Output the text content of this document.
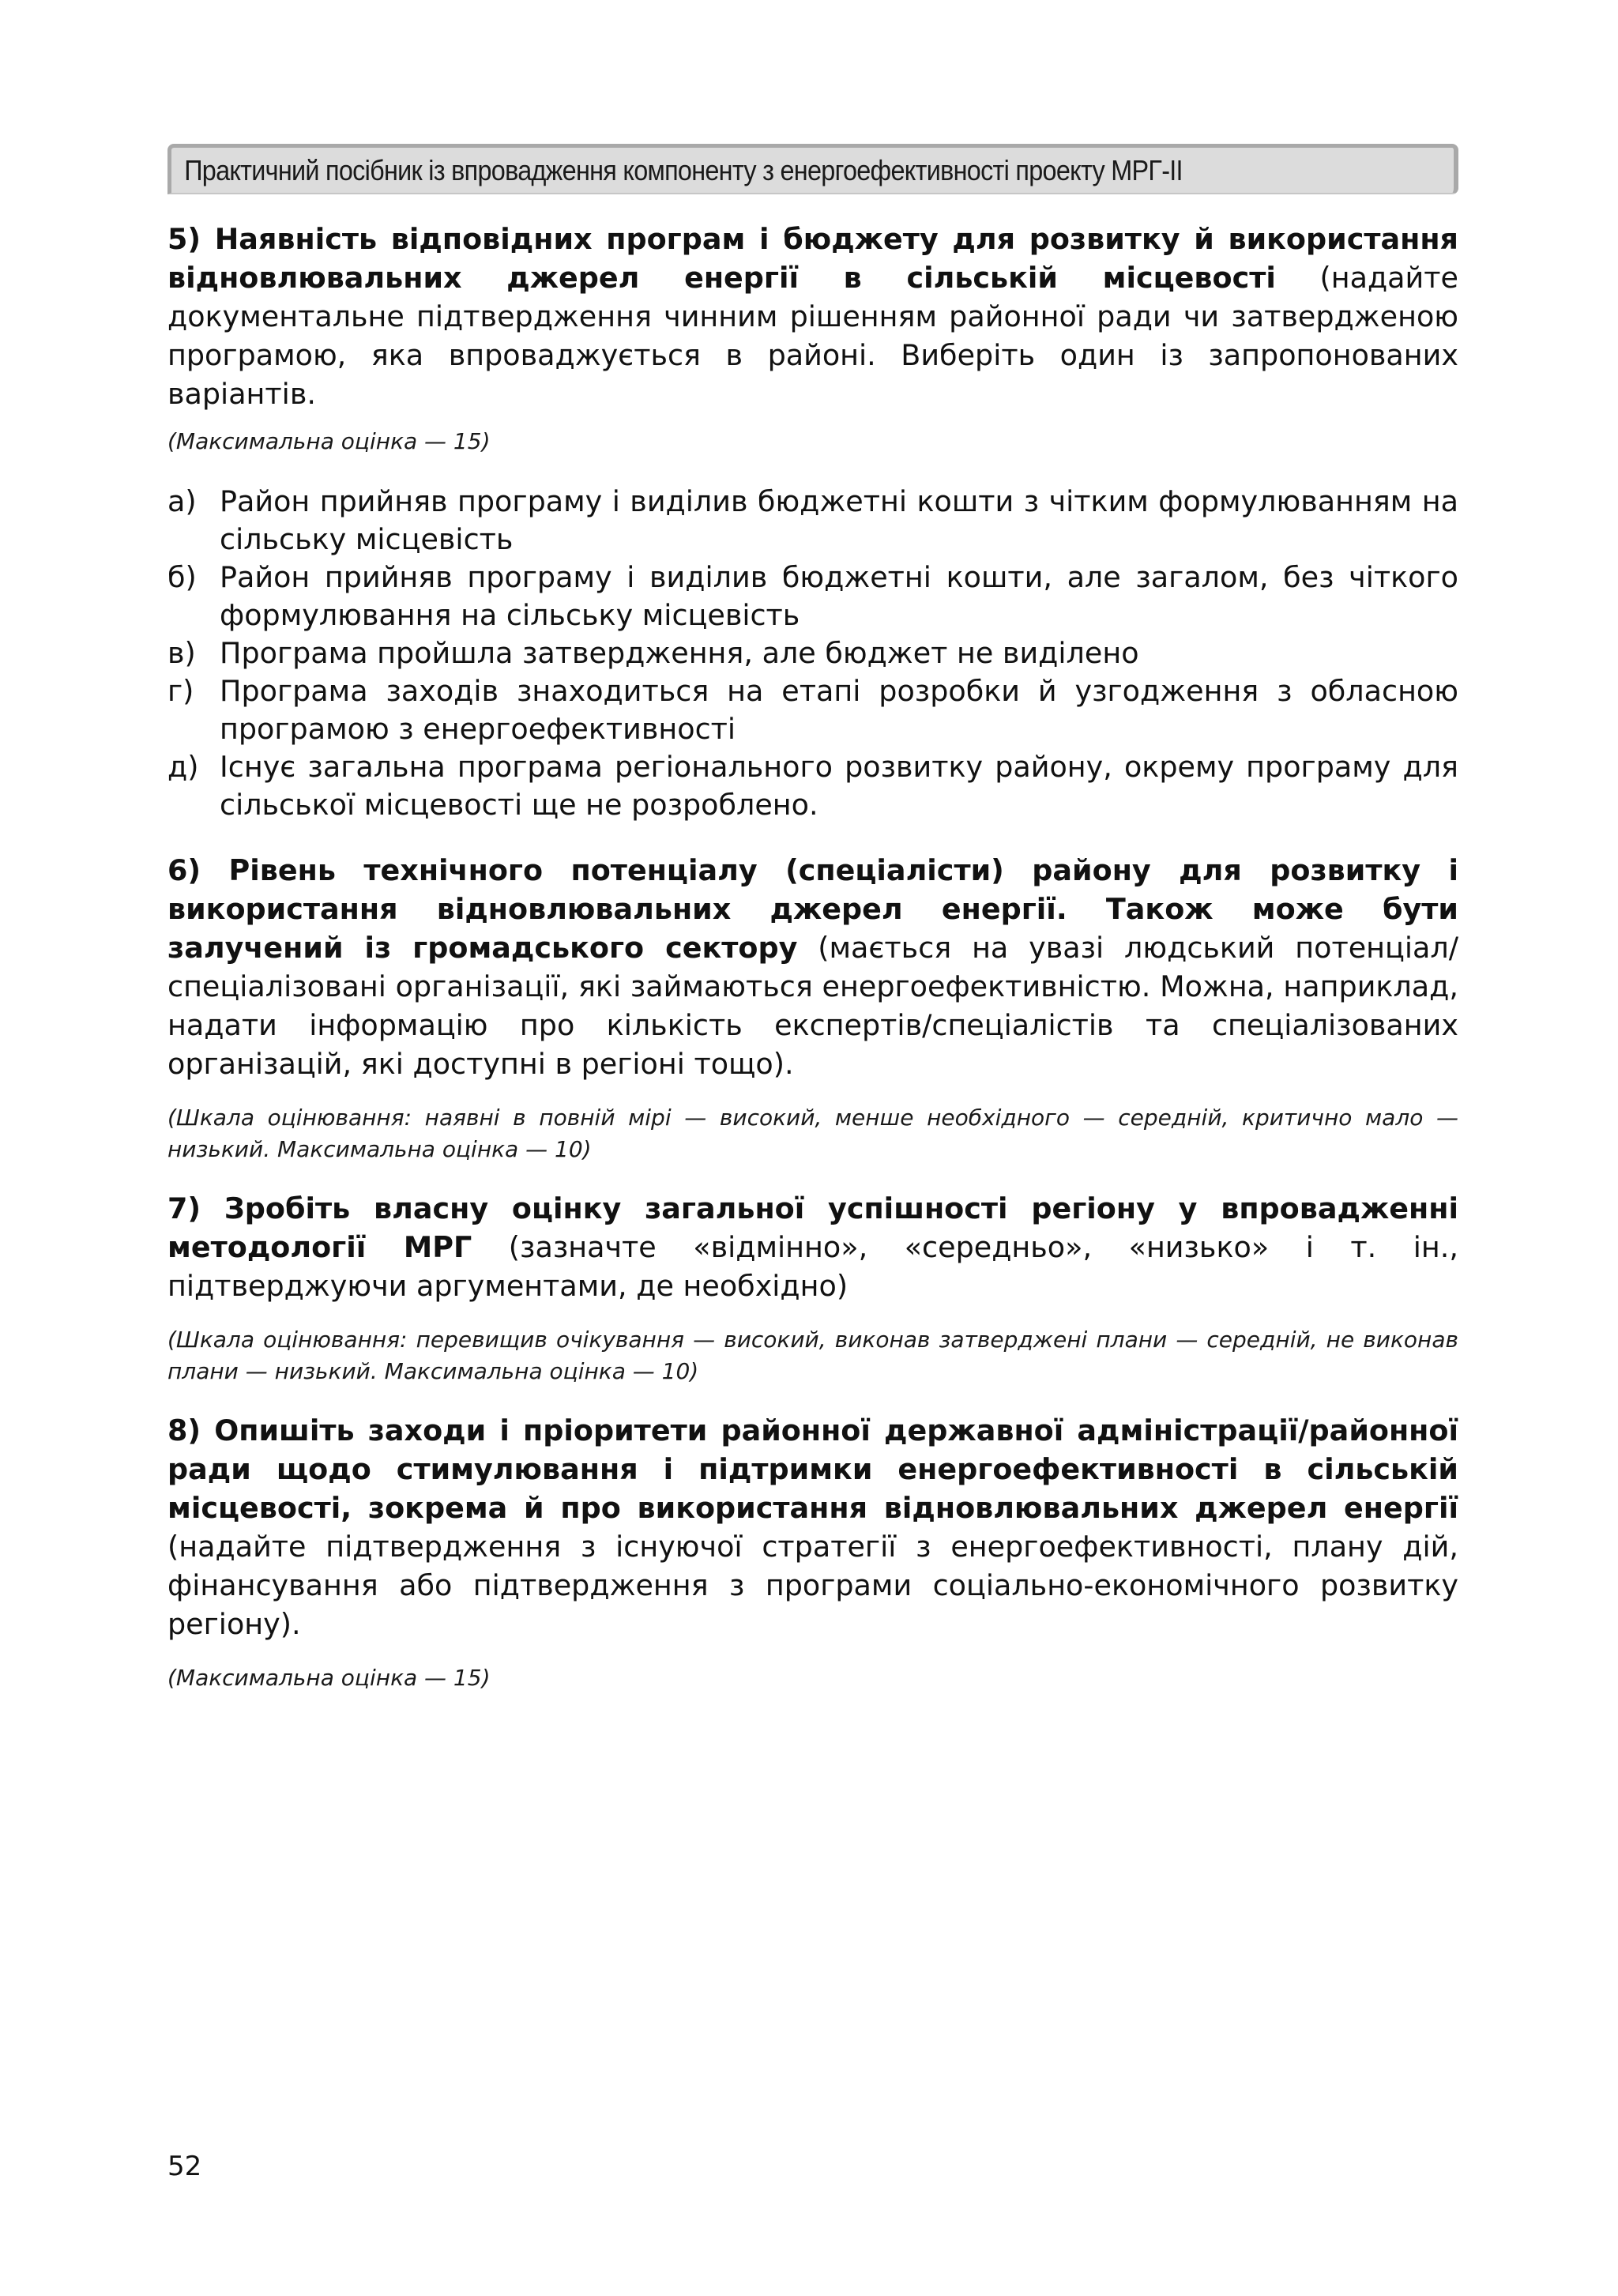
Практичний посібник із впровадження компоненту з енергоефективності проекту МРГ-ІІ

5) Наявність відповідних програм і бюджету для розвитку й використання відновлювальних джерел енергії в сільській місцевості (надайте документальне підтвердження чинним рішенням районної ради чи затвердженою програмою, яка впроваджується в районі. Виберіть один із запропонованих варіантів.

(Максимальна оцінка — 15)

а) Район прийняв програму і виділив бюджетні кошти з чітким формулюванням на сільську місцевість
б) Район прийняв програму і виділив бюджетні кошти, але загалом, без чіткого формулювання на сільську місцевість
в) Програма пройшла затвердження, але бюджет не виділено
г) Програма заходів знаходиться на етапі розробки й узгодження з обласною програмою з енергоефективності
д) Існує загальна програма регіонального розвитку району, окрему програму для сільської місцевості ще не розроблено.

6) Рівень технічного потенціалу (спеціалісти) району для розвитку і використання відновлювальних джерел енергії. Також може бути залучений із громадського сектору (мається на увазі людський потенціал/спеціалізовані організації, які займаються енергоефективністю. Можна, наприклад, надати інформацію про кількість експертів/спеціалістів та спеціалізованих організацій, які доступні в регіоні тощо).

(Шкала оцінювання: наявні в повній мірі — високий, менше необхідного — середній, критично мало — низький. Максимальна оцінка — 10)

7) Зробіть власну оцінку загальної успішності регіону у впровадженні методології МРГ (зазначте «відмінно», «середньо», «низько» і т. ін., підтверджуючи аргументами, де необхідно)

(Шкала оцінювання: перевищив очікування — високий, виконав затверджені плани — середній, не виконав плани — низький. Максимальна оцінка — 10)

8) Опишіть заходи і пріоритети районної державної адміністрації/районної ради щодо стимулювання і підтримки енергоефективності в сільській місцевості, зокрема й про використання відновлювальних джерел енергії (надайте підтвердження з існуючої стратегії з енергоефективності, плану дій, фінансування або підтвердження з програми соціально-економічного розвитку регіону).

(Максимальна оцінка — 15)

52
